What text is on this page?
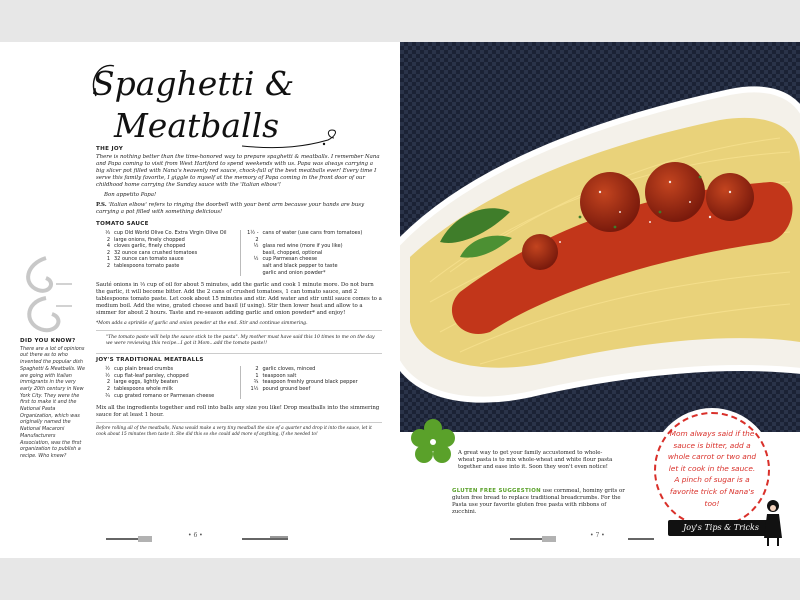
Spaghetti &
Meatballs
DID YOU KNOW?
There are a lot of opinions out there as to who invented the popular dish Spaghetti & Meatballs. We are going with Italian immigrants in the very early 20th century in New York City. They were the first to make it and the National Pasta Organization, which was originally named the National Macaroni Manufacturers Association, was the first organization to publish a recipe. Who knew?
THE JOY
There is nothing better than the time-honored way to prepare spaghetti & meatballs. I remember Nana and Papa coming to visit from West Hartford to spend weekends with us. Papa was always carrying a big slicer pot filled with Nana's heavenly red sauce, chock-full of the best meatballs ever! Every time I serve this family favorite, I giggle to myself at the memory of Papa coming in the front door of our childhood home carrying the Sunday sauce with the 'Italian elbow'!
Bon appetito Papa!
P.S. 'Italian elbow' refers to ringing the doorbell with your bent arm because your hands are busy carrying a pot filled with something delicious!
TOMATO SAUCE
⅓ cup Old World Olive Co. Extra Virgin Olive Oil
2 large onions, finely chopped
4 cloves garlic, finely chopped
2 32 ounce cans crushed tomatoes
1 32 ounce can tomato sauce
2 tablespoons tomato paste
1½ - 2
cans of water (use cans from tomatoes)
½ glass red wine (more if you like)
basil, chopped, optional
½ cup Parmesan cheese
salt and black pepper to taste
garlic and onion powder*
Sauté onions in ⅓ cup of oil for about 5 minutes, add the garlic and cook 1 minute more. Do not burn the garlic, it will become bitter. Add the 2 cans of crushed tomatoes, 1 can tomato sauce, and 2 tablespoons tomato paste. Let cook about 15 minutes and stir. Add water and stir until sauce comes to a medium boil. Add the wine, grated cheese and basil (if using). Stir then lower heat and allow to a simmer for about 2 hours. Taste and re-season adding garlic and onion powder* and enjoy!
*Mom adds a sprinkle of garlic and onion powder at the end. Stir and continue simmering.
"The tomato paste will help the sauce stick to the pasta". My mother must have said this 10 times to me on the day we were reviewing this recipe...I got it Mom...add the tomato paste!!
JOY'S TRADITIONAL MEATBALLS
½ cup plain bread crumbs
½ cup flat-leaf parsley, chopped
2 large eggs, lightly beaten
2 tablespoons whole milk
¾ cup grated romano or Parmesan cheese
2 garlic cloves, minced
1 teaspoon salt
¾ teaspoon freshly ground black pepper
1½ pound ground beef
Mix all the ingredients together and roll into balls any size you like! Drop meatballs into the simmering sauce for at least 1 hour.
Before rolling all of the meatballs, Nana would make a very tiny meatball the size of a quarter and drop it into the sauce, let it cook about 15 minutes then taste it. She did this so she could add more of anything, if she needed to!
• 6 •
A great way to get your family accustomed to whole-wheat pasta is to mix whole-wheat and white flour pasta together and ease into it. Soon they won't even notice!
GLUTEN FREE SUGGESTION use cornmeal, hominy grits or gluten free bread to replace traditional breadcrumbs. For the Pasta use your favorite gluten free pasta with ribbons of zucchini.
• 7 •
Mom always said if the sauce is bitter, add a whole carrot or two and let it cook in the sauce. A pinch of sugar is a favorite trick of Nana's too!
Joy's Tips & Tricks
